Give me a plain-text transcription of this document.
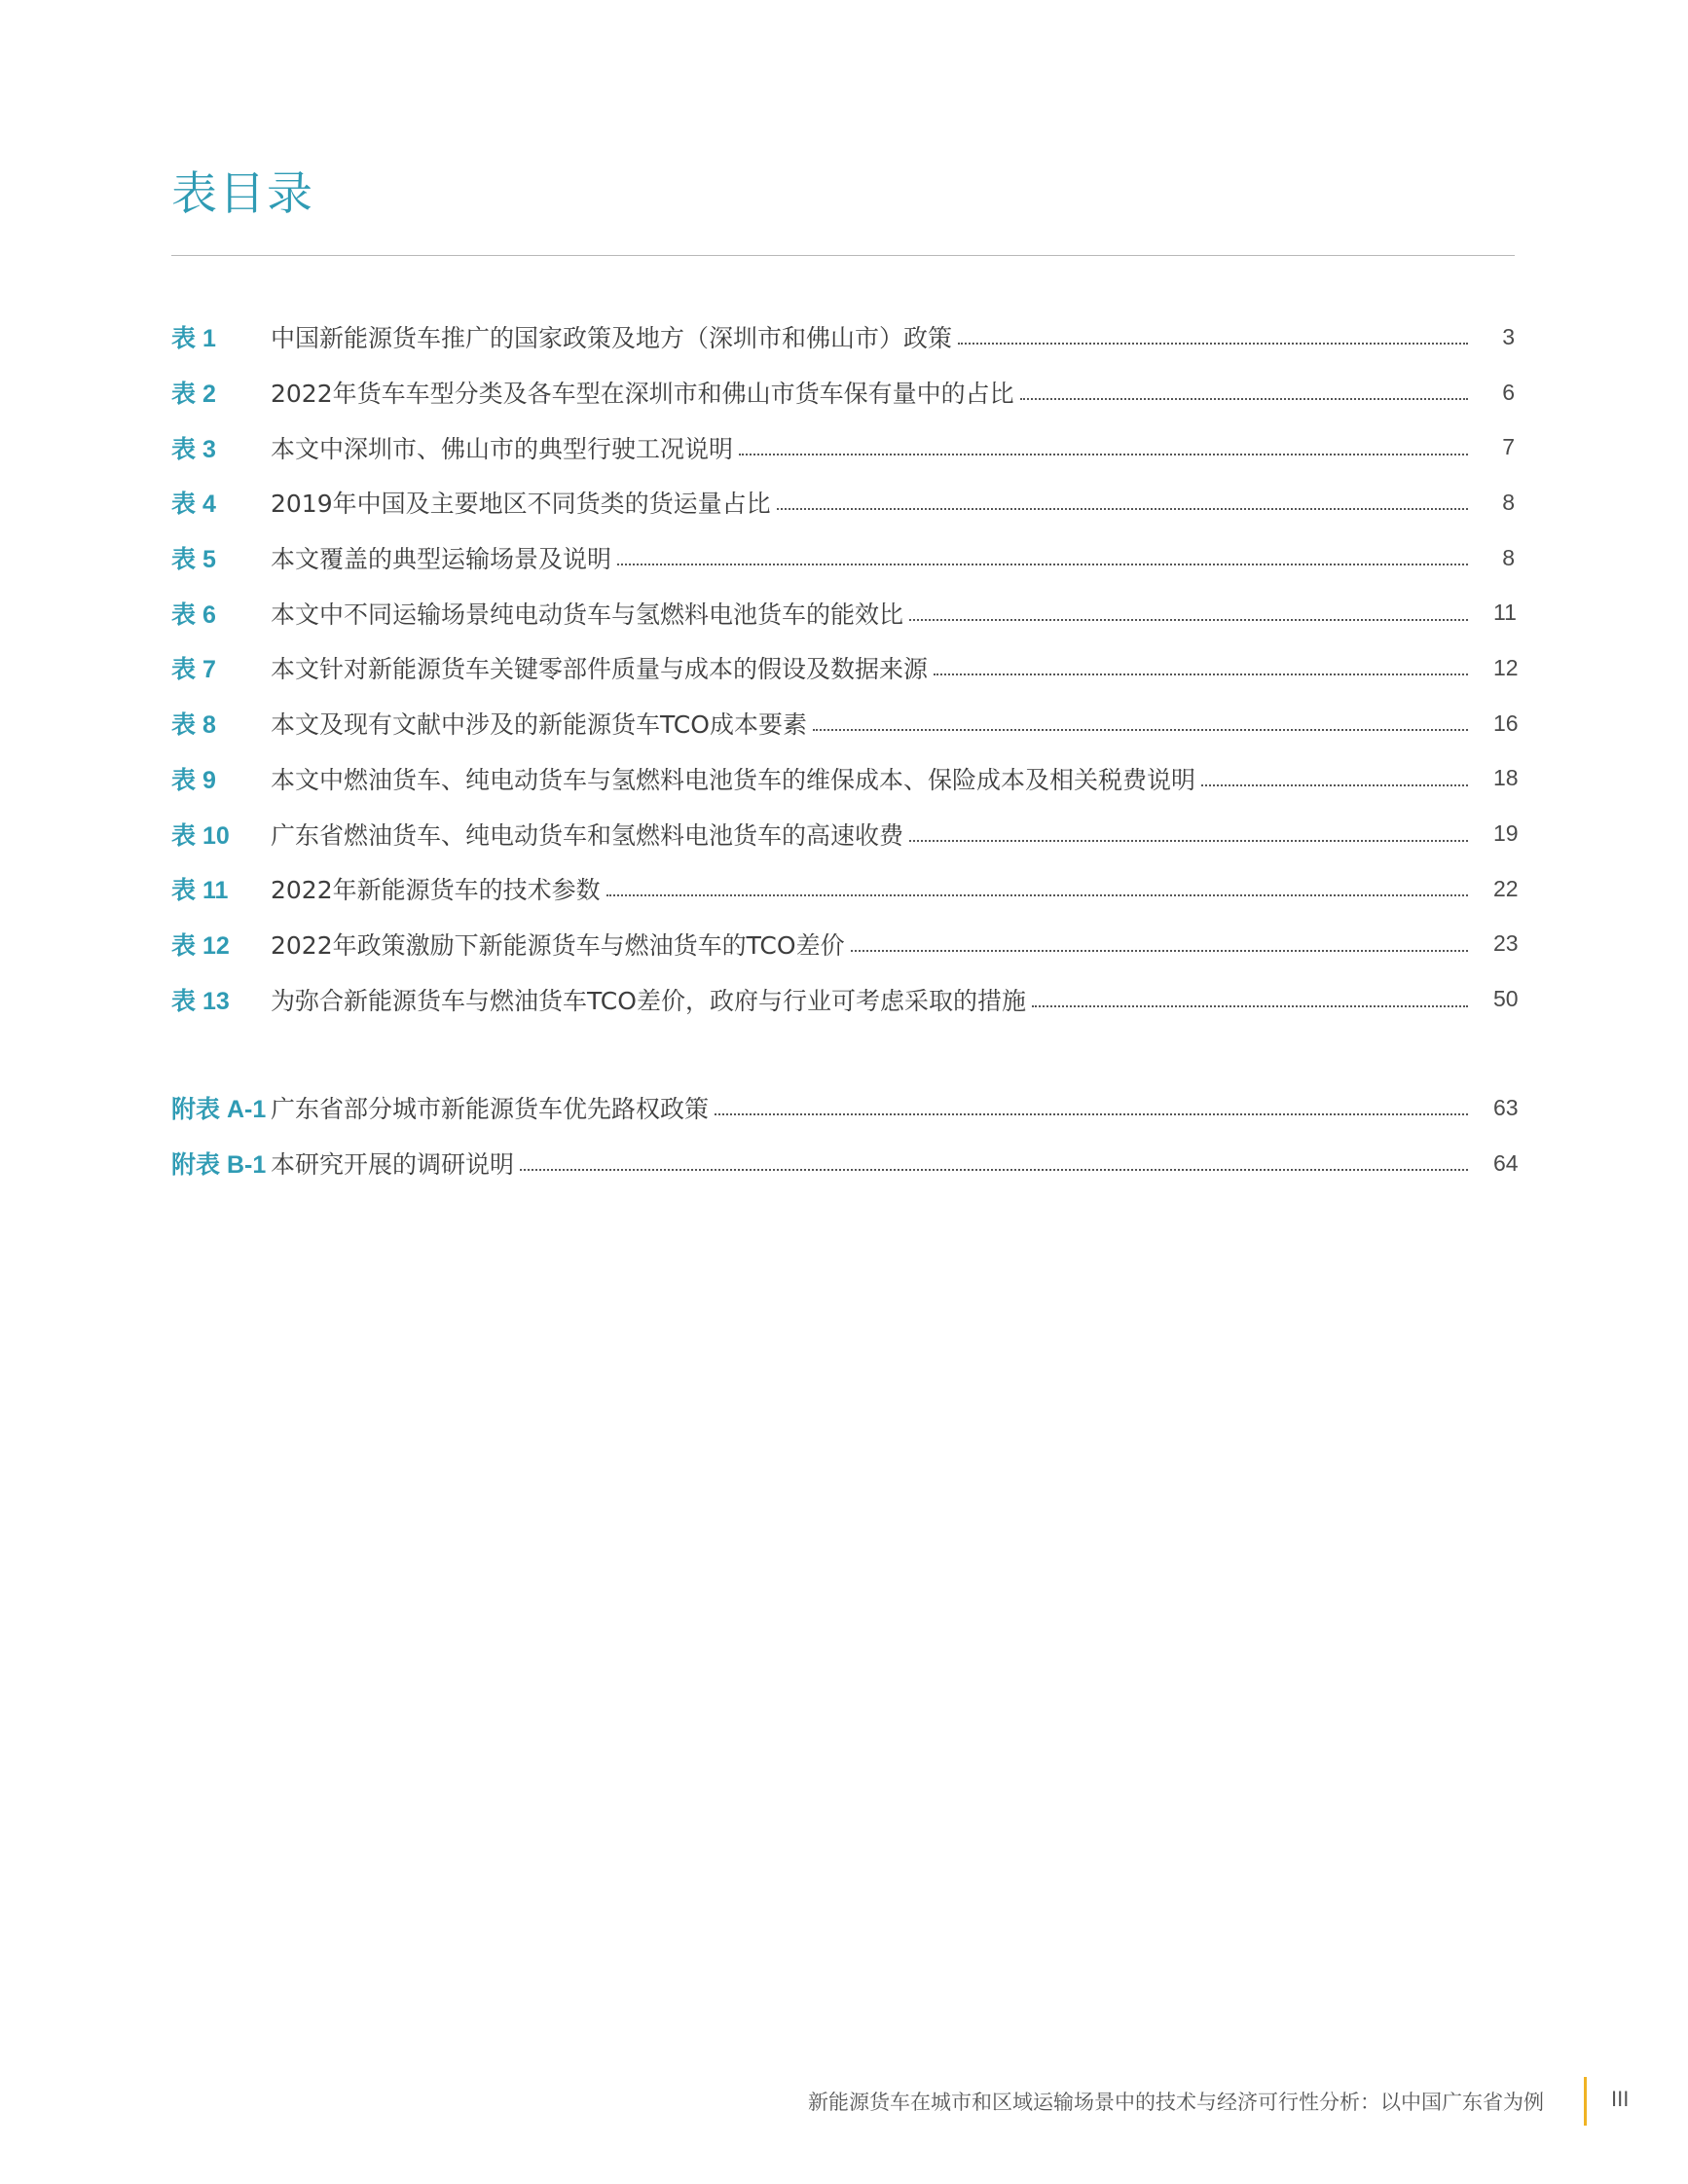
表目录
表 1	中国新能源货车推广的国家政策及地方（深圳市和佛山市）政策	3
表 2	2022年货车车型分类及各车型在深圳市和佛山市货车保有量中的占比	6
表 3	本文中深圳市、佛山市的典型行驶工况说明	7
表 4	2019年中国及主要地区不同货类的货运量占比	8
表 5	本文覆盖的典型运输场景及说明	8
表 6	本文中不同运输场景纯电动货车与氢燃料电池货车的能效比	11
表 7	本文针对新能源货车关键零部件质量与成本的假设及数据来源	12
表 8	本文及现有文献中涉及的新能源货车TCO成本要素	16
表 9	本文中燃油货车、纯电动货车与氢燃料电池货车的维保成本、保险成本及相关税费说明	18
表 10	广东省燃油货车、纯电动货车和氢燃料电池货车的高速收费	19
表 11	2022年新能源货车的技术参数	22
表 12	2022年政策激励下新能源货车与燃油货车的TCO差价	23
表 13	为弥合新能源货车与燃油货车TCO差价，政府与行业可考虑采取的措施	50
附表 A-1 广东省部分城市新能源货车优先路权政策	63
附表 B-1 本研究开展的调研说明	64
新能源货车在城市和区域运输场景中的技术与经济可行性分析：以中国广东省为例	III
